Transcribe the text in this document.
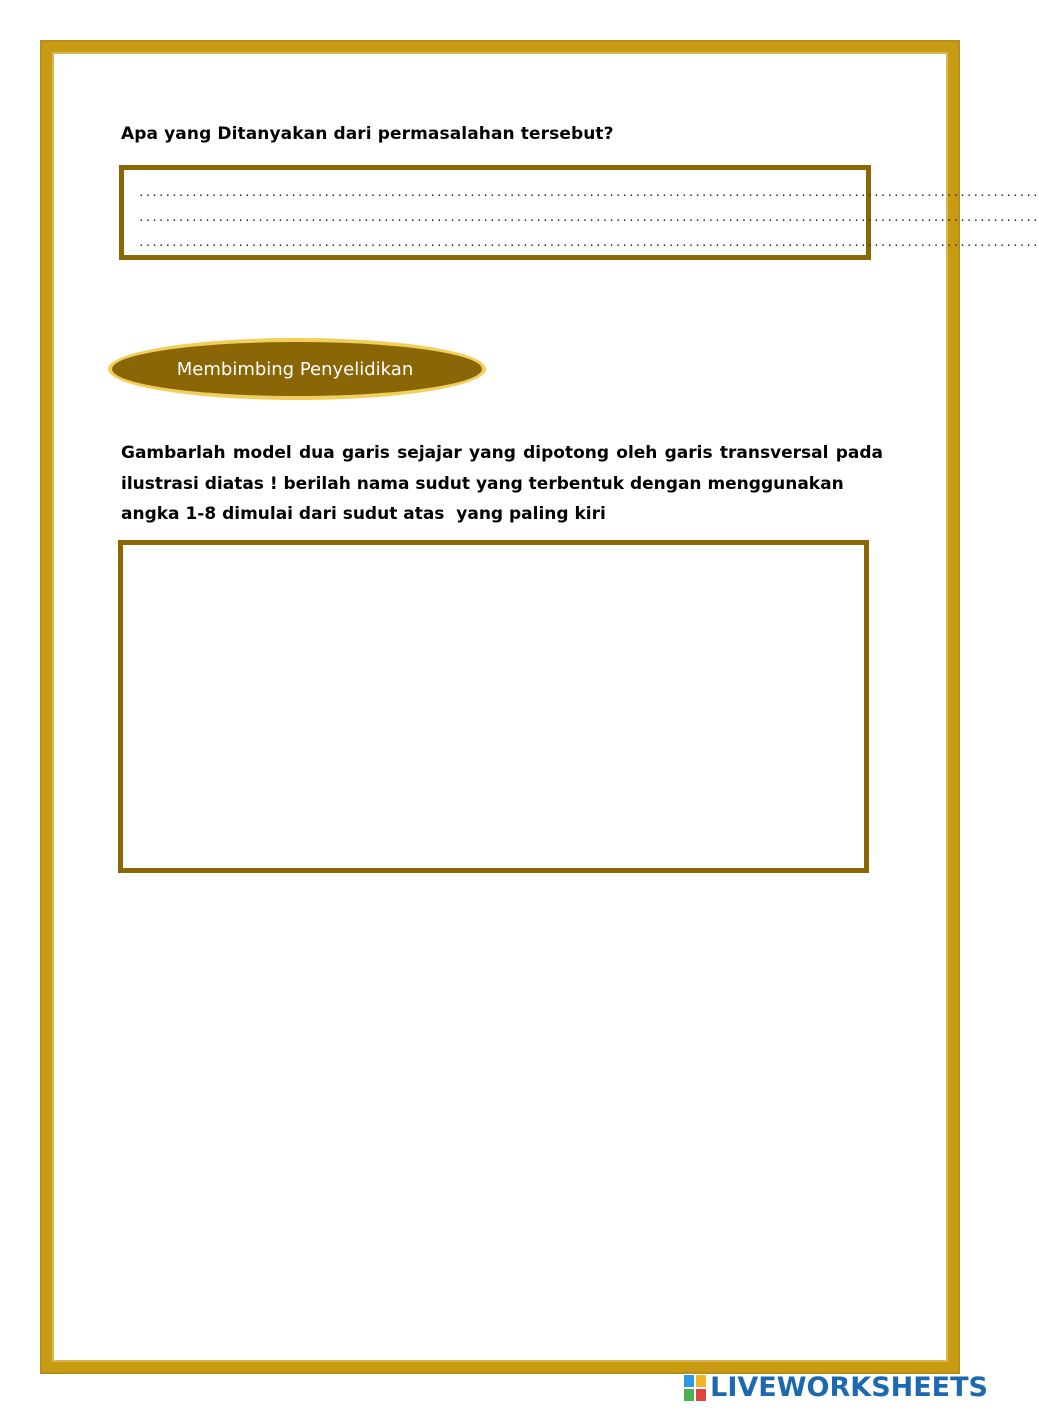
Apa yang Ditanyakan dari permasalahan tersebut?
........................................................................................................................................
........................................................................................................................................
........................................................................................................................................
Membimbing Penyelidikan
Gambarlah model dua garis sejajar yang dipotong oleh garis transversal pada
ilustrasi diatas ! berilah nama sudut yang terbentuk dengan menggunakan
angka 1-8 dimulai dari sudut atas  yang paling kiri
LIVEWORKSHEETS
